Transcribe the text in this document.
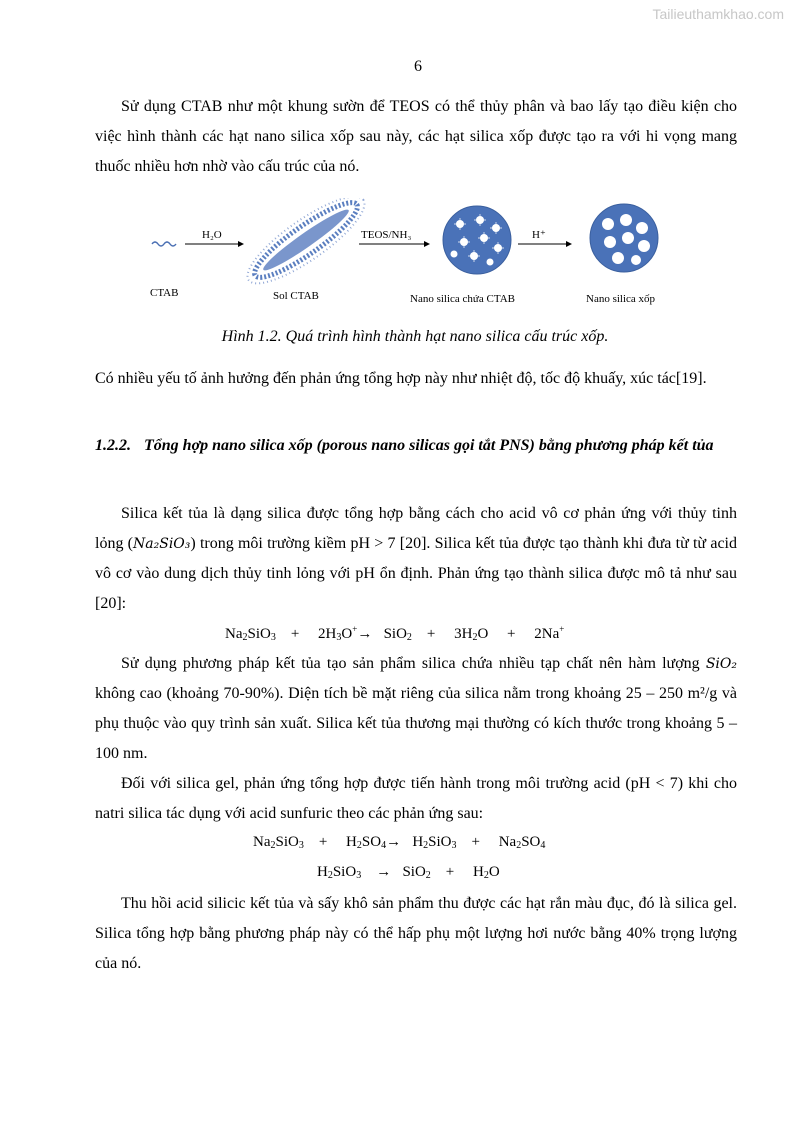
Tailieuthamkhao.com
6

Sử dụng CTAB như một khung sườn để TEOS có thể thủy phân và bao lấy tạo điều kiện cho việc hình thành các hạt nano silica xốp sau này, các hạt silica xốp được tạo ra với hi vọng mang thuốc nhiều hơn nhờ vào cấu trúc của nó.

H₂O	TEOS/NH₃	H⁺
CTAB	Sol CTAB	Nano silica chứa CTAB	Nano silica xốp
Hình 1.2. Quá trình hình thành hạt nano silica cấu trúc xốp.

Có nhiều yếu tố ảnh hưởng đến phản ứng tổng hợp này như nhiệt độ, tốc độ khuấy, xúc tác[19].

1.2.2. Tổng hợp nano silica xốp (porous nano silicas gọi tắt PNS) bằng phương pháp kết tủa

Silica kết tủa là dạng silica được tổng hợp bằng cách cho acid vô cơ phản ứng với thủy tinh lỏng (Na₂SiO₃) trong môi trường kiềm pH > 7 [20]. Silica kết tủa được tạo thành khi đưa từ từ acid vô cơ vào dung dịch thủy tinh lỏng với pH ổn định. Phản ứng tạo thành silica được mô tả như sau [20]:

$Na_2SiO_3$    +     $2H_3O^+\to SiO_2$    +     $3H_2O$     +     2Na+

Sử dụng phương pháp kết tủa tạo sản phẩm silica chứa nhiều tạp chất nên hàm lượng SiO₂ không cao (khoảng 70-90%). Diện tích bề mặt riêng của silica nằm trong khoảng 25 – 250 m²/g và phụ thuộc vào quy trình sản xuất. Silica kết tủa thương mại thường có kích thước trong khoảng 5 – 100 nm.

Đối với silica gel, phản ứng tổng hợp được tiến hành trong môi trường acid (pH < 7) khi cho natri silica tác dụng với acid sunfuric theo các phản ứng sau:

$Na_2SiO_3$    +     $H_2SO_4\to H_2SiO_3$    +     $Na_2SO_4$
$H_2SiO_3$    →   SiO$_2$    +     $H_2O$

Thu hồi acid silicic kết tủa và sấy khô sản phẩm thu được các hạt rắn màu đục, đó là silica gel. Silica tổng hợp bằng phương pháp này có thể hấp phụ một lượng hơi nước bằng 40% trọng lượng của nó.
